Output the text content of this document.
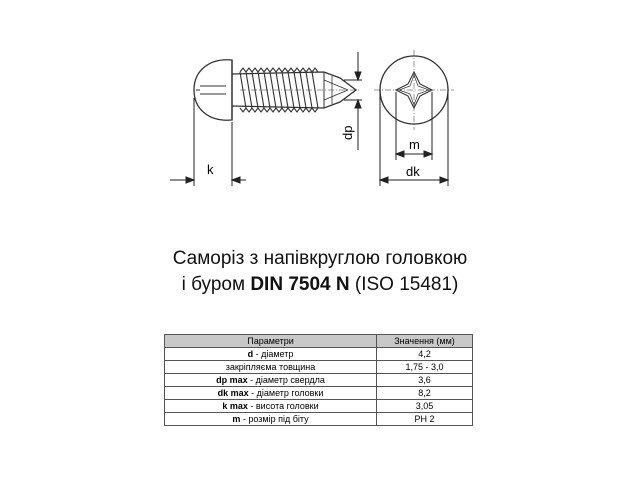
k
dp
m
dk
Саморіз з напівкруглою головкою
і буром DIN 7504 N (ISO 15481)
Параметри	Значення (мм)
d - діаметр	4,2
закріпляєма товщина	1,75 - 3,0
dp max - діаметр свердла	3,6
dk max - діаметр головки	8,2
k max - висота головки	3,05
m - розмір під біту	PH 2
